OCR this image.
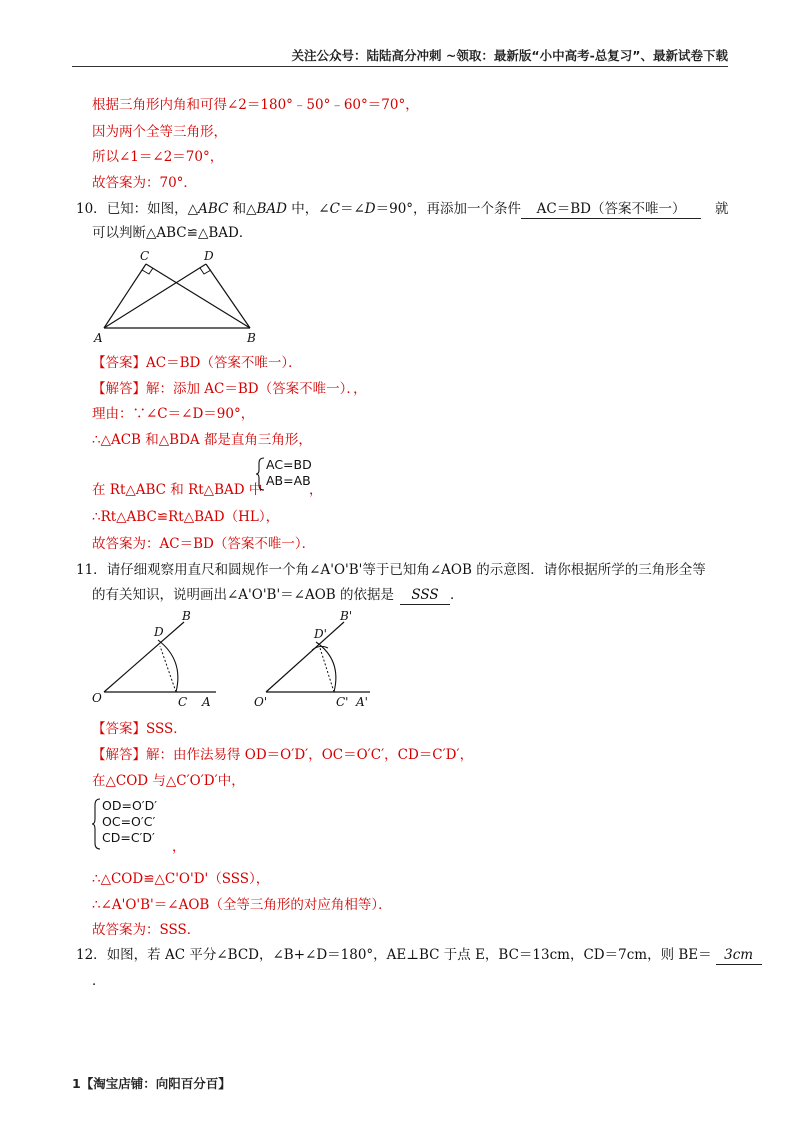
关注公众号：陆陆高分冲刺 ~领取：最新版“小中高考-总复习”、最新试卷下载
根据三角形内角和可得∠2＝180°﹣50°﹣60°＝70°，
因为两个全等三角形，
所以∠1＝∠2＝70°，
故答案为：70°．
10．已知：如图，△ABC 和△BAD 中，∠C＝∠D＝90°，再添加一个条件 AC＝BD（答案不唯一） 就
可以判断△ABC≌△BAD．
A	B
C	D
【答案】AC＝BD（答案不唯一）．
【解答】解：添加 AC＝BD（答案不唯一）．，
理由：∵∠C＝∠D＝90°，
∴△ACB 和△BDA 都是直角三角形，
在 Rt△ABC 和 Rt△BAD 中
AC=BD
AB=AB
，
∴Rt△ABC≌Rt△BAD（HL），
故答案为：AC＝BD（答案不唯一）．
11．请仔细观察用直尺和圆规作一个角∠A'O'B'等于已知角∠AOB 的示意图．请你根据所学的三角形全等
的有关知识，说明画出∠A'O'B'＝∠AOB 的依据是 SSS ．
O	C A
D
B
O'	C' A'
D'
B'
【答案】SSS．
【解答】解：由作法易得 OD＝O′D′，OC＝O′C′，CD＝C′D′，
在△COD 与△C′O′D′中，
OD=O′D′
OC=O′C′
CD=C′D′
，
∴△COD≌△C'O'D'（SSS），
∴∠A'O'B'＝∠AOB（全等三角形的对应角相等）．
故答案为：SSS．
12．如图，若 AC 平分∠BCD，∠B+∠D＝180°，AE⊥BC 于点 E，BC＝13cm，CD＝7cm，则 BE＝ 3cm
．
1【淘宝店铺：向阳百分百】
